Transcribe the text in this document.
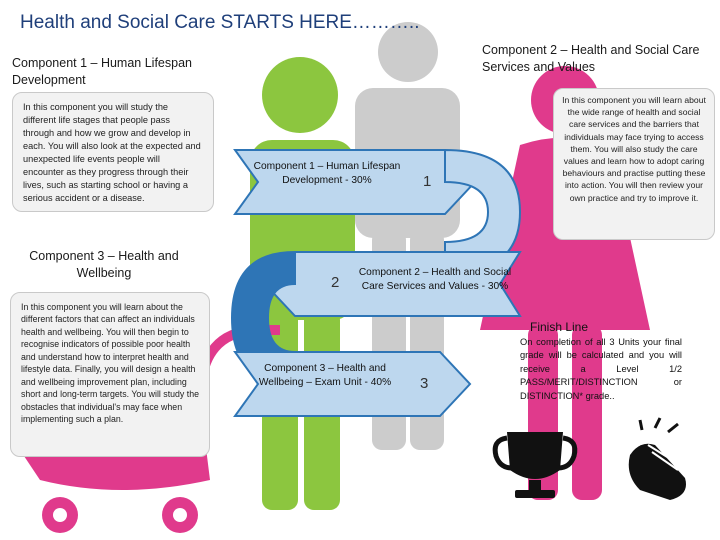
Health and Social Care STARTS HERE………..
Component 1 – Human Lifespan Development
In this component you will study the different life stages that people pass through and how we grow and develop in each. You will also look at the expected and unexpected life events people will encounter as they progress through their lives, such as starting school or having a serious accident or a disease.
Component 2 – Health and Social Care Services and Values
In this component you will learn about the wide range of health and social care services and the barriers that individuals may face trying to access them. You will also study the care values and learn how to adopt caring behaviours and practise putting these into action. You will then review your own practice and try to improve it.
Component 3 – Health and Wellbeing
In this component you will learn about the different factors that can affect an individuals health and wellbeing. You will then begin to recognise indicators of possible poor health and understand how to interpret health and lifestyle data. Finally, you will design a health and wellbeing improvement plan, including short and long-term targets. You will study the obstacles that individual's may face when implementing such a plan.
Component 1 – Human Lifespan Development - 30%	1
Component 2 – Health and Social Care Services and Values - 30%
2
Component 3 – Health and Wellbeing – Exam Unit - 40%	3
Finish Line
On completion of all 3 Units your final grade will be calculated and you will receive a Level 1/2 PASS/MERIT/DISTINCTION or DISTINCTION* grade..
